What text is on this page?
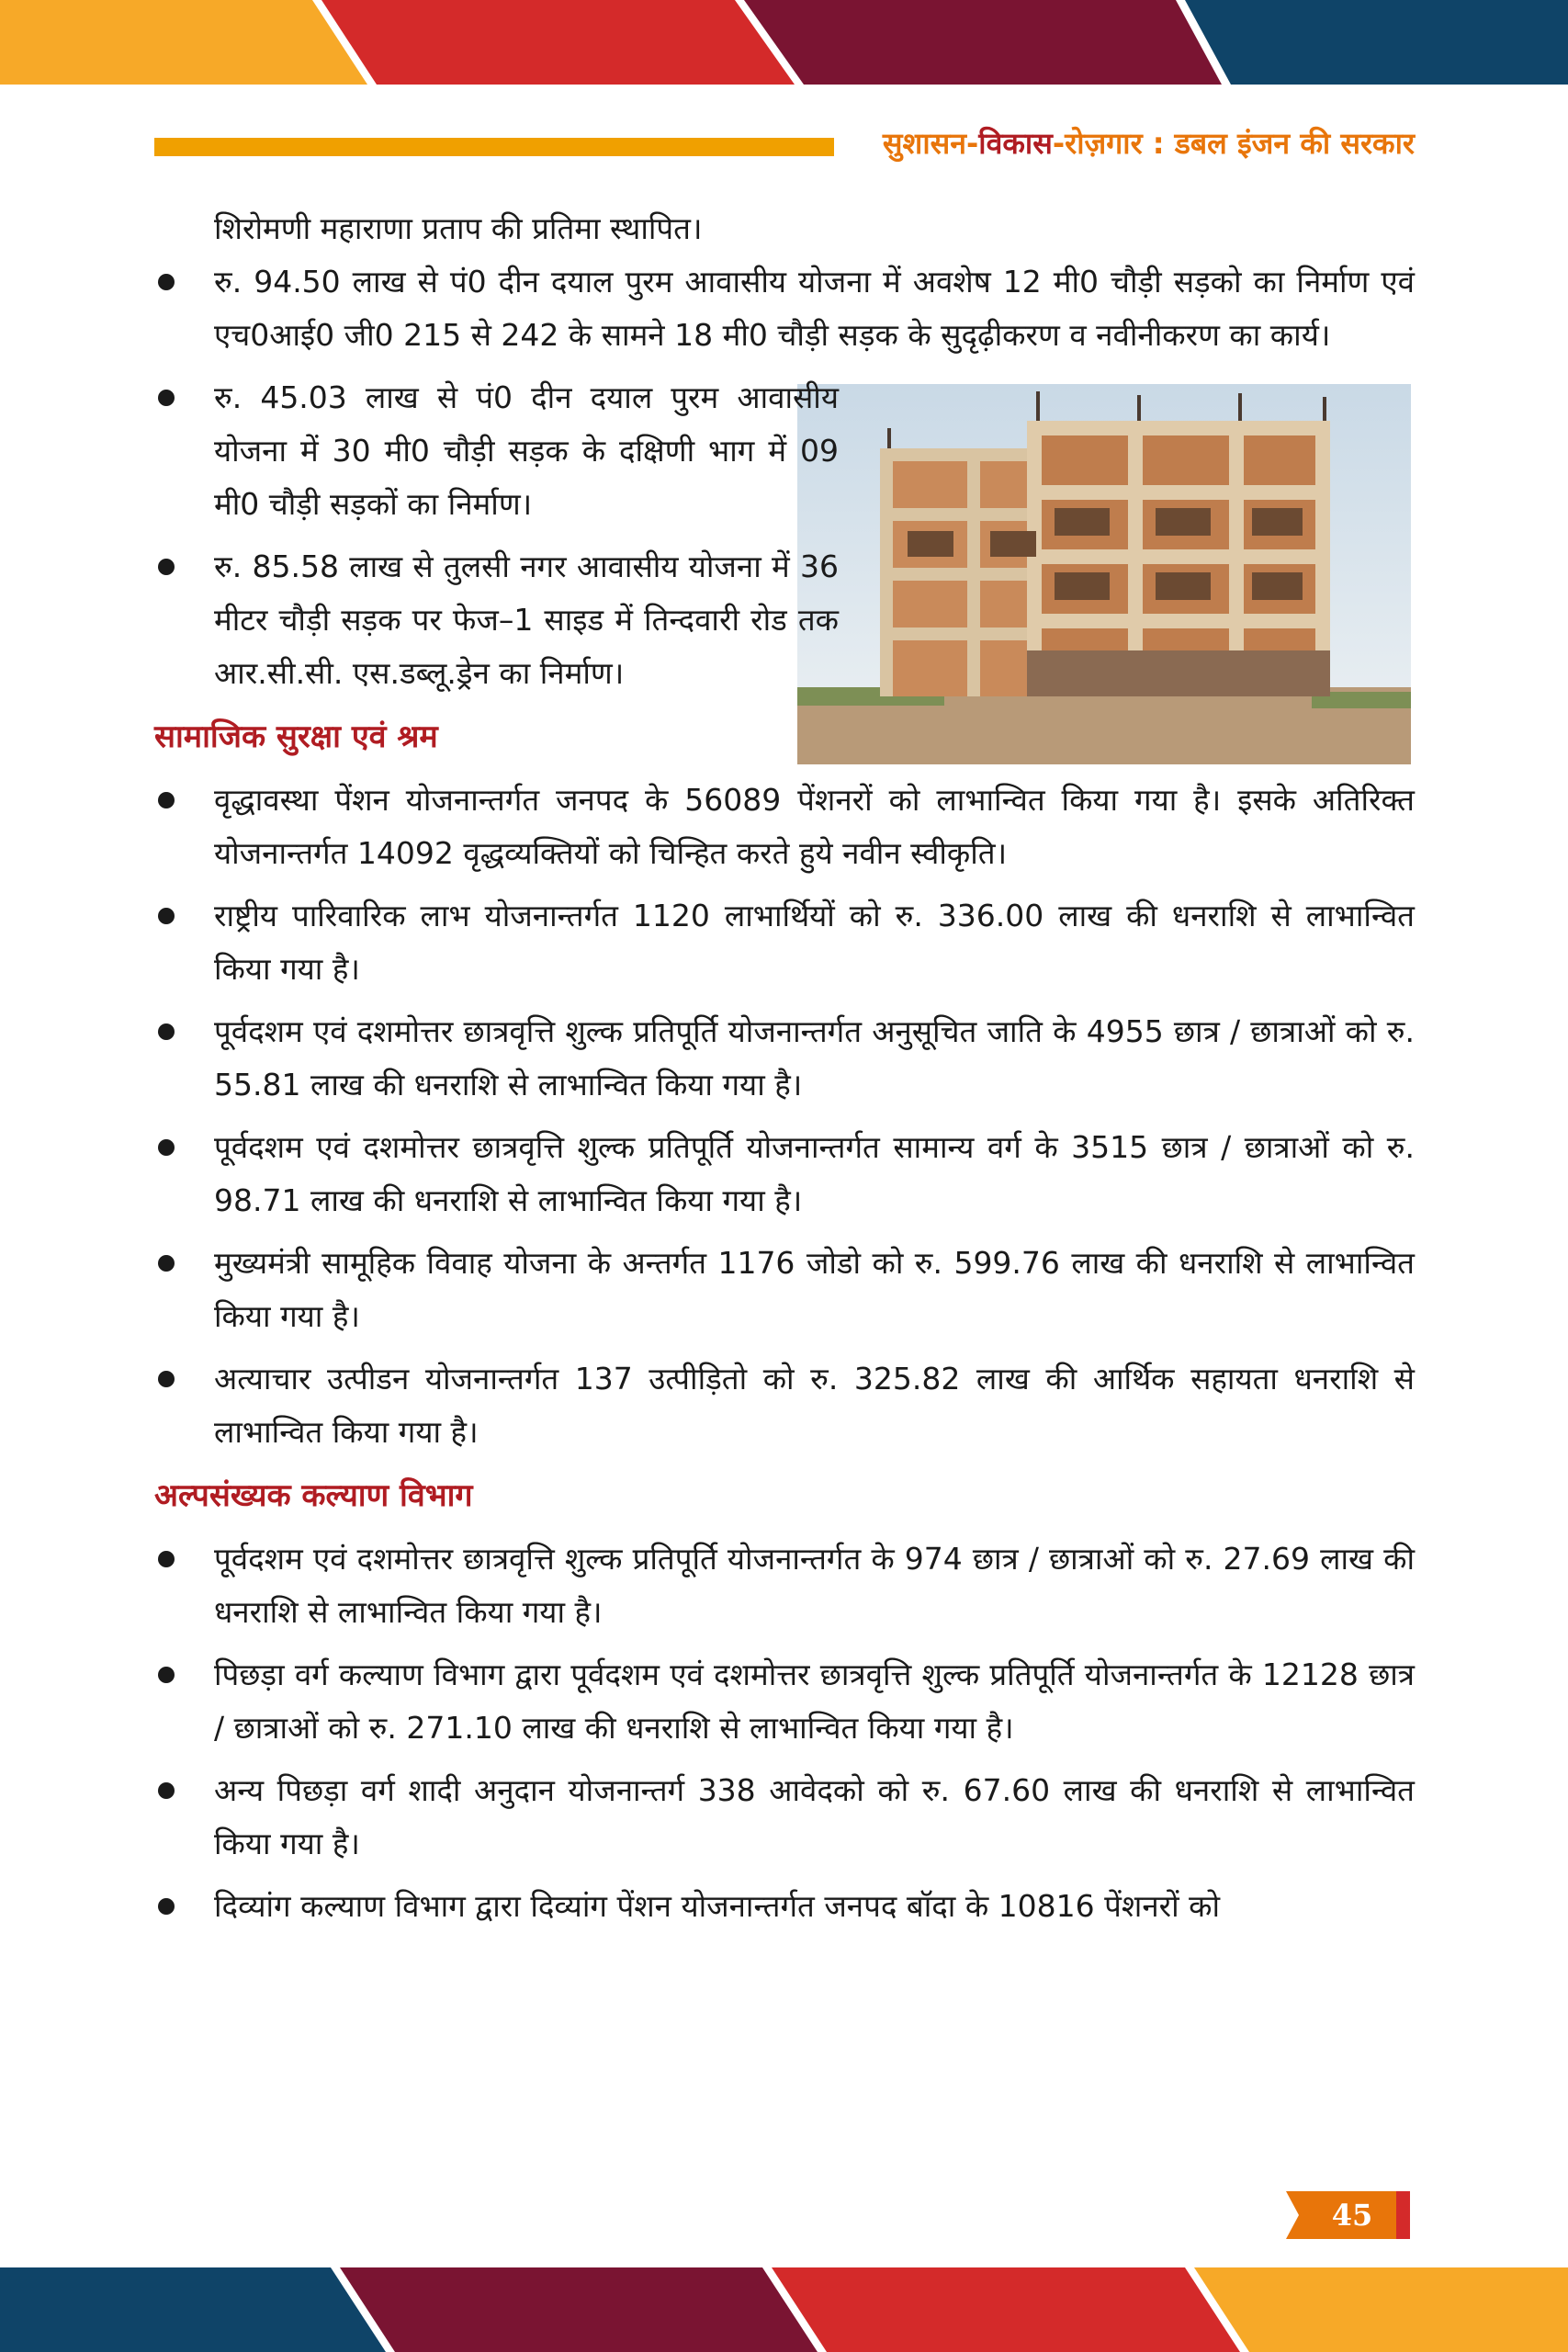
सुशासन-विकास-रोज़गार : डबल इंजन की सरकार

शिरोमणी महाराणा प्रताप की प्रतिमा स्थापित।

रु. 94.50 लाख से पं0 दीन दयाल पुरम आवासीय योजना में अवशेष 12 मी0 चौड़ी सड़को का निर्माण एवं एच0आई0 जी0 215 से 242 के सामने 18 मी0 चौड़ी सड़क के सुदृढ़ीकरण व नवीनीकरण का कार्य।
रु. 45.03 लाख से पं0 दीन दयाल पुरम आवासीय योजना में 30 मी0 चौड़ी सड़क के दक्षिणी भाग में 09 मी0 चौड़ी सड़कों का निर्माण।
रु. 85.58 लाख से तुलसी नगर आवासीय योजना में 36 मीटर चौड़ी सड़क पर फेज–1 साइड में तिन्दवारी रोड तक आर.सी.सी. एस.डब्लू.ड्रेन का निर्माण।
सामाजिक सुरक्षा एवं श्रम
वृद्धावस्था पेंशन योजनान्तर्गत जनपद के 56089 पेंशनरों को लाभान्वित किया गया है। इसके अतिरिक्त योजनान्तर्गत 14092 वृद्धव्यक्तियों को चिन्हित करते हुये नवीन स्वीकृति।
राष्ट्रीय पारिवारिक लाभ योजनान्तर्गत 1120 लाभार्थियों को रु. 336.00 लाख की धनराशि से लाभान्वित किया गया है।
पूर्वदशम एवं दशमोत्तर छात्रवृत्ति शुल्क प्रतिपूर्ति योजनान्तर्गत अनुसूचित जाति के 4955 छात्र / छात्राओं को रु. 55.81 लाख की धनराशि से लाभान्वित किया गया है।
पूर्वदशम एवं दशमोत्तर छात्रवृत्ति शुल्क प्रतिपूर्ति योजनान्तर्गत सामान्य वर्ग के 3515 छात्र / छात्राओं को रु. 98.71 लाख की धनराशि से लाभान्वित किया गया है।
मुख्यमंत्री सामूहिक विवाह योजना के अन्तर्गत 1176 जोडो को रु. 599.76 लाख की धनराशि से लाभान्वित किया गया है।
अत्याचार उत्पीडन योजनान्तर्गत 137 उत्पीड़ितो को रु. 325.82 लाख की आर्थिक सहायता धनराशि से लाभान्वित किया गया है।
अल्पसंख्यक कल्याण विभाग
पूर्वदशम एवं दशमोत्तर छात्रवृत्ति शुल्क प्रतिपूर्ति योजनान्तर्गत के 974 छात्र / छात्राओं को रु. 27.69 लाख की धनराशि से लाभान्वित किया गया है।
पिछड़ा वर्ग कल्याण विभाग द्वारा पूर्वदशम एवं दशमोत्तर छात्रवृत्ति शुल्क प्रतिपूर्ति योजनान्तर्गत के 12128 छात्र / छात्राओं को रु. 271.10 लाख की धनराशि से लाभान्वित किया गया है।
अन्य पिछड़ा वर्ग शादी अनुदान योजनान्तर्ग 338 आवेदको को रु. 67.60 लाख की धनराशि से लाभान्वित किया गया है।
दिव्यांग कल्याण विभाग द्वारा दिव्यांग पेंशन योजनान्तर्गत जनपद बॉदा के 10816 पेंशनरों को
45
